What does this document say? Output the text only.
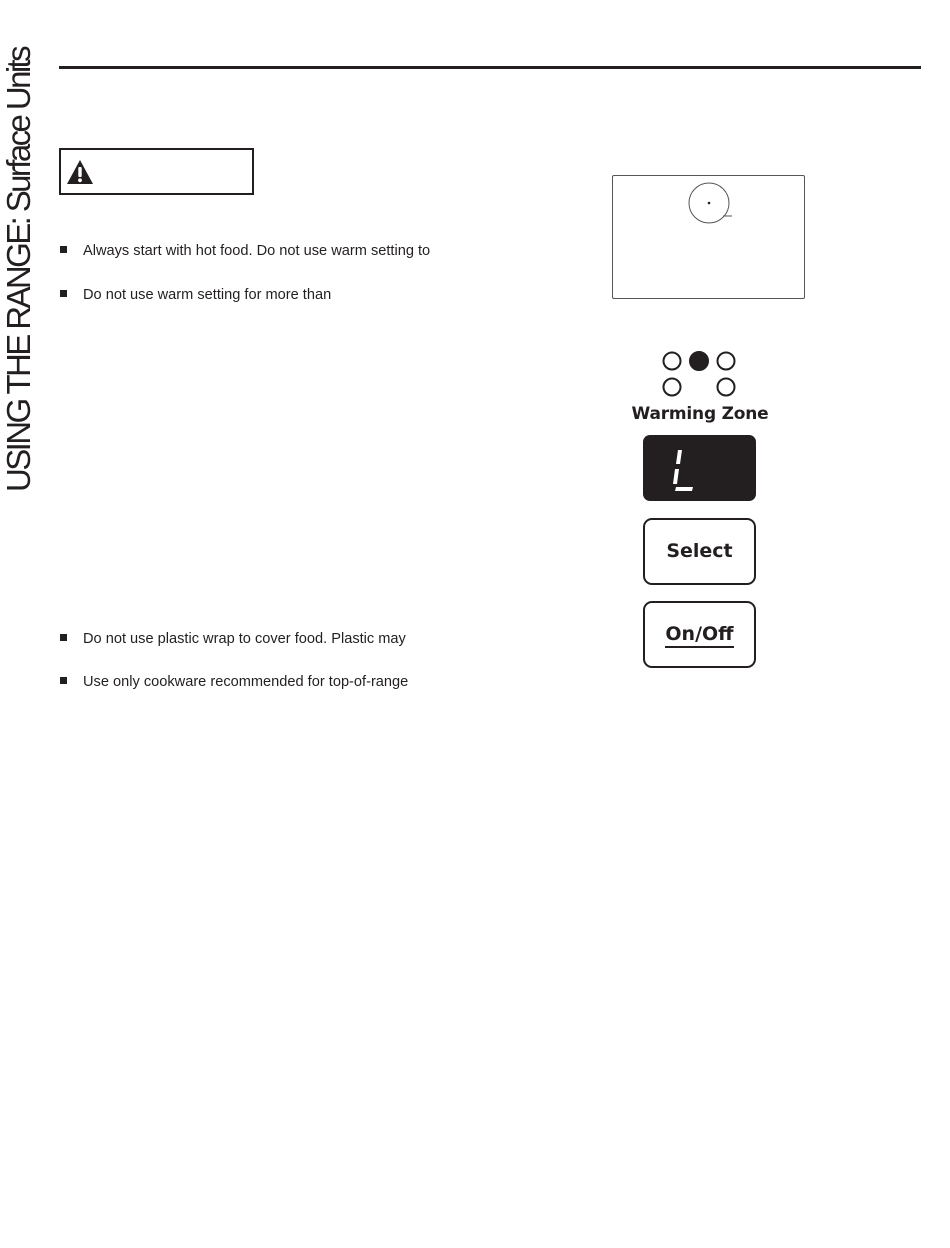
USING THE RANGE: Surface Units	Always start with hot food. Do not use warm setting to
Do not use warm setting for more than
Do not use plastic wrap to cover food. Plastic may
Use only cookware recommended for top-of-range
Warming Zone
Select
On/Off
